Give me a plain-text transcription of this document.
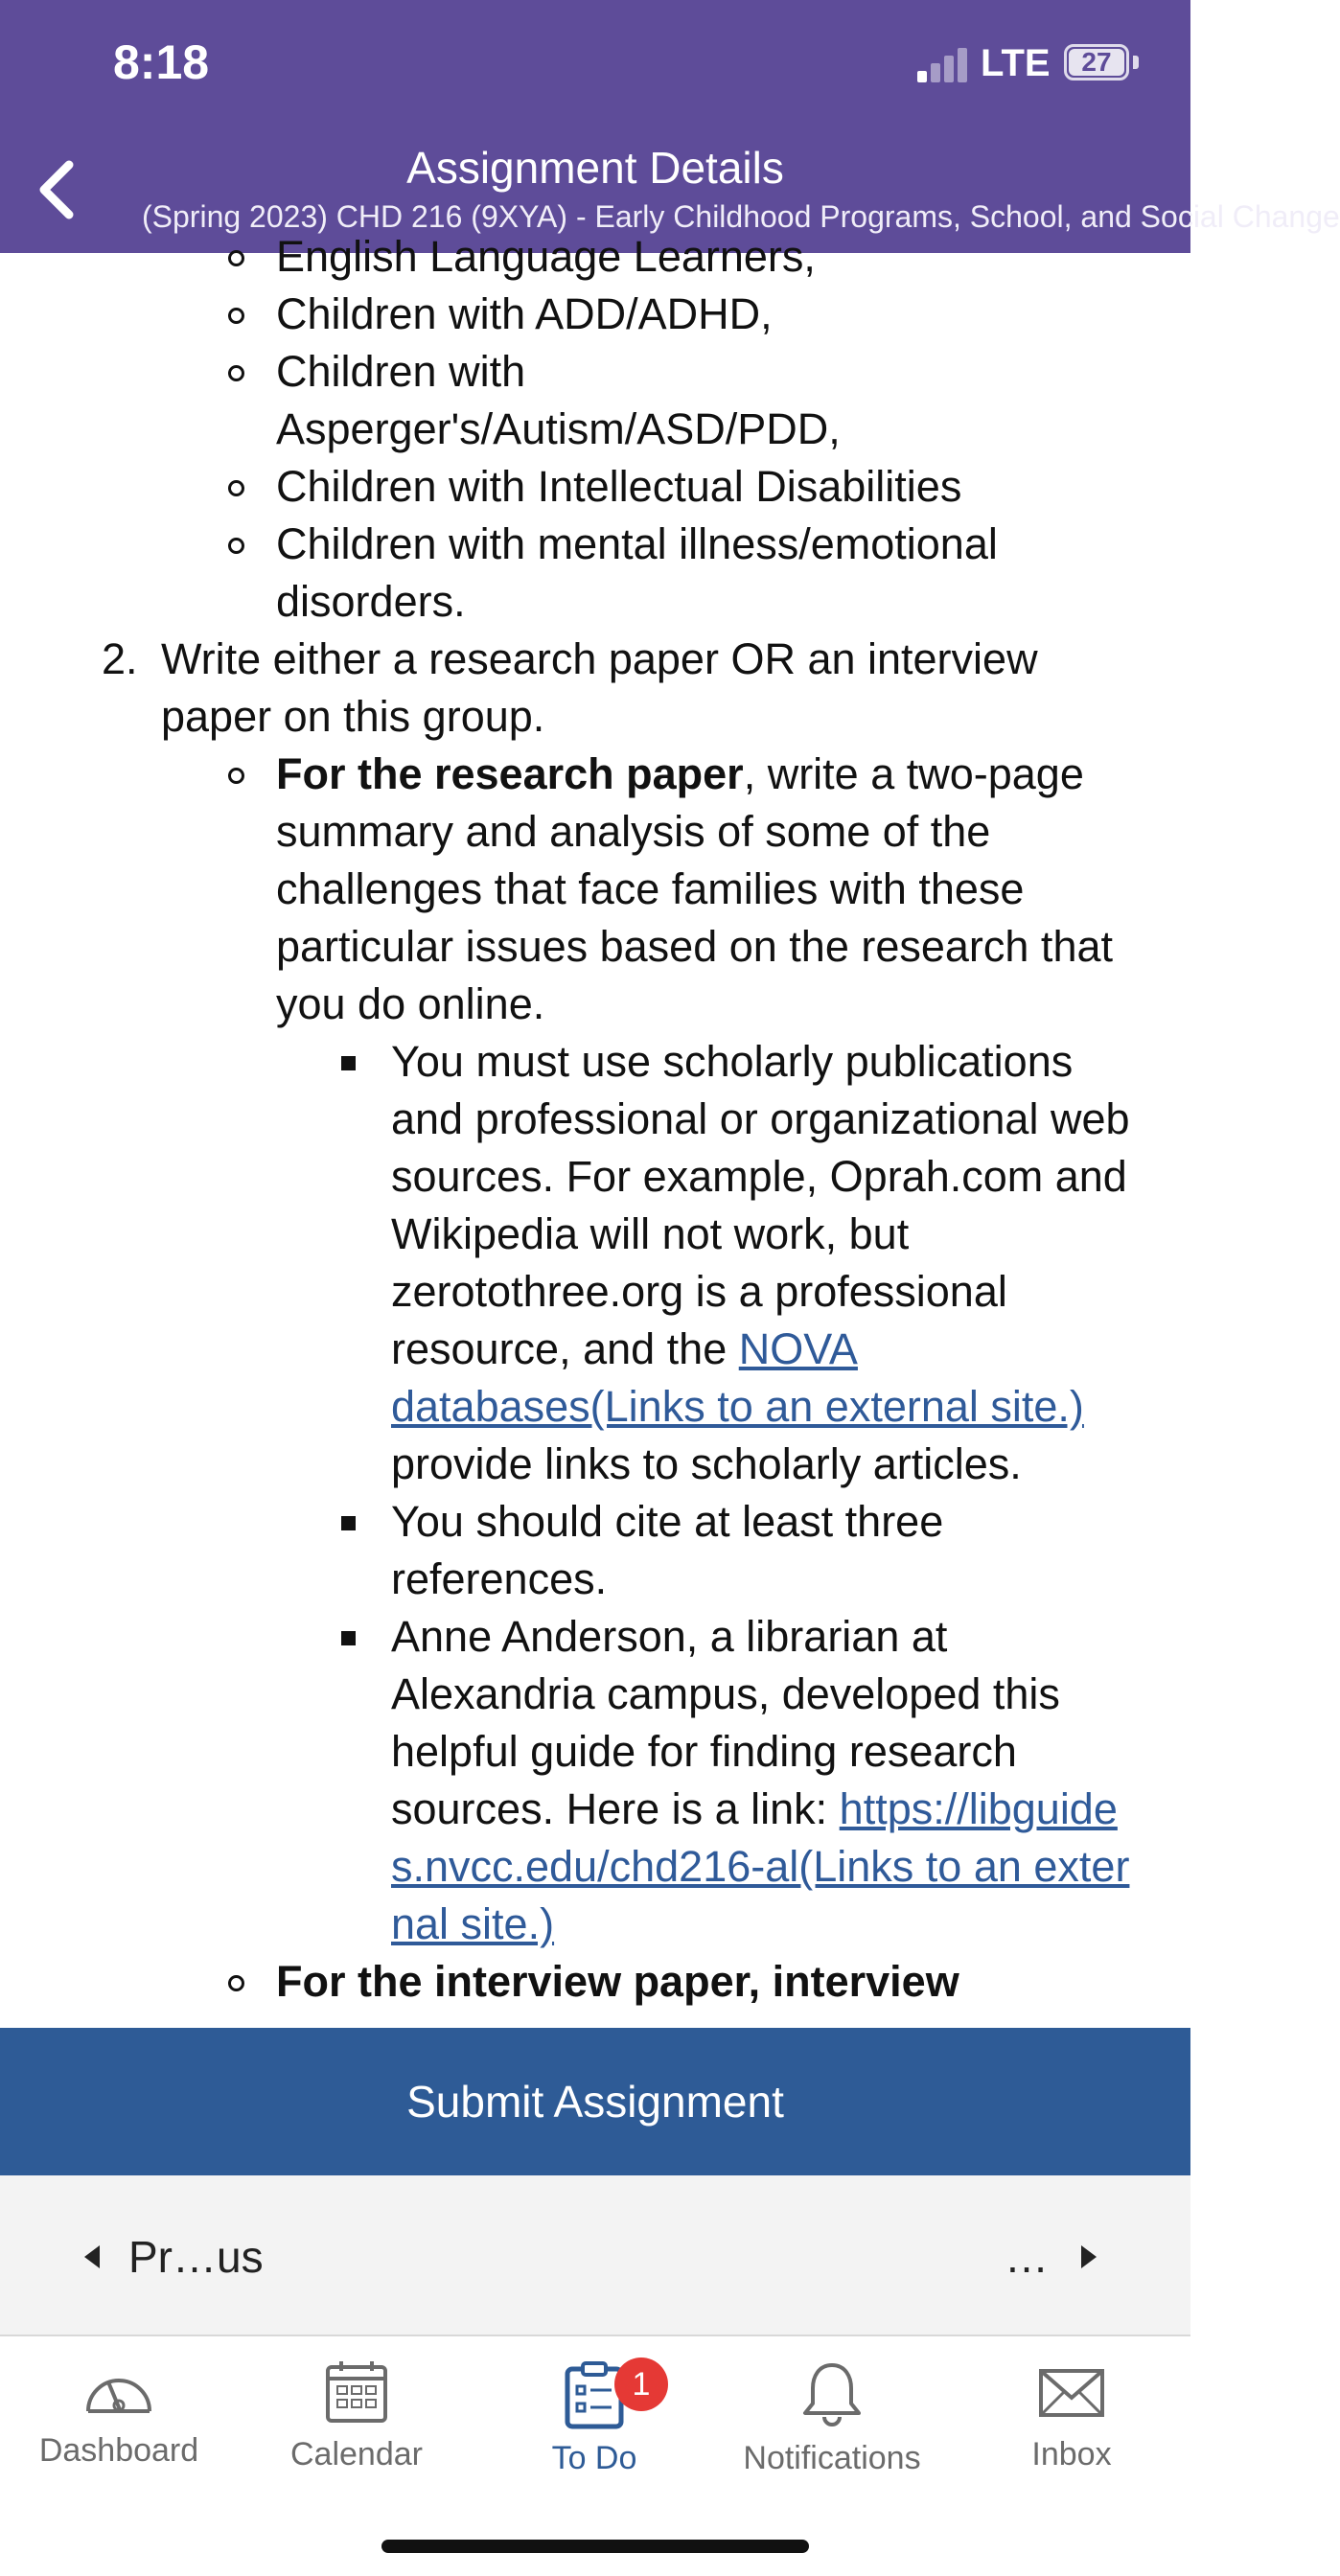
8:18	LTE	27
Assignment Details
(Spring 2023) CHD 216 (9XYA) - Early Childhood Programs, School, and Social Change
English Language Learners,
Children with ADD/ADHD,
Children with Asperger's/Autism/ASD/PDD,
Children with Intellectual Disabilities
Children with mental illness/emotional disorders.
2. Write either a research paper OR an interview paper on this group.
For the research paper, write a two-page summary and analysis of some of the challenges that face families with these particular issues based on the research that you do online.
You must use scholarly publications and professional or organizational web sources. For example, Oprah.com and Wikipedia will not work, but zerotothree.org is a professional resource, and the NOVA databases(Links to an external site.) provide links to scholarly articles.
You should cite at least three references.
Anne Anderson, a librarian at Alexandria campus, developed this helpful guide for finding research sources. Here is a link: https://libguides.nvcc.edu/chd216-al(Links to an external site.)
For the interview paper, interview
Submit Assignment
Pr…us	…
Dashboard	Calendar
1
To Do	Notifications	Inbox
